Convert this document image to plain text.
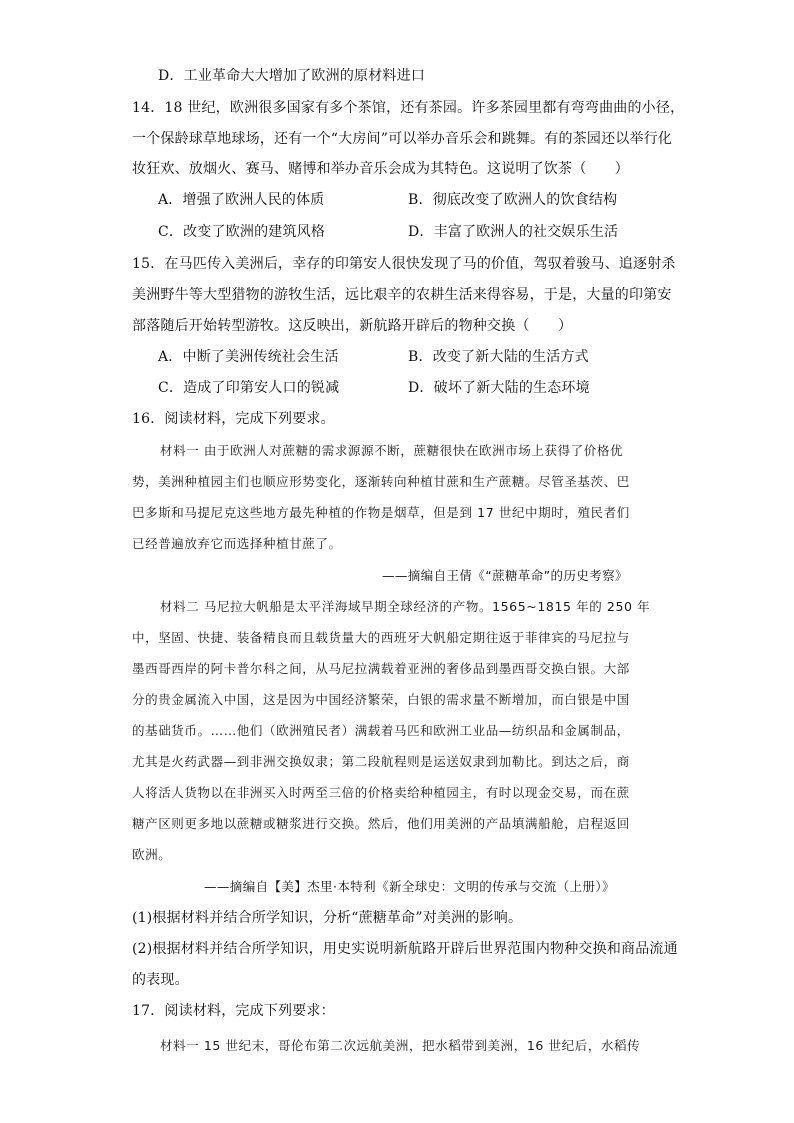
D．工业革命大大增加了欧洲的原材料进口
14．18 世纪，欧洲很多国家有多个茶馆，还有茶园。许多茶园里都有弯弯曲曲的小径，
一个保龄球草地球场，还有一个“大房间”可以举办音乐会和跳舞。有的茶园还以举行化
妆狂欢、放烟火、赛马、赌博和举办音乐会成为其特色。这说明了饮茶（　　）
A．增强了欧洲人民的体质	B．彻底改变了欧洲人的饮食结构
C．改变了欧洲的建筑风格	D．丰富了欧洲人的社交娱乐生活
15．在马匹传入美洲后，幸存的印第安人很快发现了马的价值，驾驭着骏马、追逐射杀
美洲野牛等大型猎物的游牧生活，远比艰辛的农耕生活来得容易，于是，大量的印第安
部落随后开始转型游牧。这反映出，新航路开辟后的物种交换（　　）
A．中断了美洲传统社会生活	B．改变了新大陆的生活方式
C．造成了印第安人口的锐减	D．破坏了新大陆的生态环境
16．阅读材料，完成下列要求。
材料一 由于欧洲人对蔗糖的需求源源不断，蔗糖很快在欧洲市场上获得了价格优
势，美洲种植园主们也顺应形势变化，逐渐转向种植甘蔗和生产蔗糖。尽管圣基茨、巴
巴多斯和马提尼克这些地方最先种植的作物是烟草，但是到 17 世纪中期时，殖民者们
已经普遍放弃它而选择种植甘蔗了。
——摘编自王倩《“蔗糖革命”的历史考察》
材料二 马尼拉大帆船是太平洋海域早期全球经济的产物。1565~1815 年的 250 年
中，坚固、快捷、装备精良而且载货量大的西班牙大帆船定期往返于菲律宾的马尼拉与
墨西哥西岸的阿卡普尔科之间，从马尼拉满载着亚洲的奢侈品到墨西哥交换白银。大部
分的贵金属流入中国，这是因为中国经济繁荣，白银的需求量不断增加，而白银是中国
的基础货币。……他们（欧洲殖民者）满载着马匹和欧洲工业品—纺织品和金属制品，
尤其是火药武器—到非洲交换奴隶；第二段航程则是运送奴隶到加勒比。到达之后，商
人将活人货物以在非洲买入时两至三倍的价格卖给种植园主，有时以现金交易，而在蔗
糖产区则更多地以蔗糖或糖浆进行交换。然后，他们用美洲的产品填满船舱，启程返回
欧洲。
——摘编自【美】杰里·本特利《新全球史：文明的传承与交流（上册）》
(1)根据材料并结合所学知识，分析“蔗糖革命”对美洲的影响。
(2)根据材料并结合所学知识，用史实说明新航路开辟后世界范围内物种交换和商品流通
的表现。
17．阅读材料，完成下列要求：
材料一 15 世纪末，哥伦布第二次远航美洲，把水稻带到美洲，16 世纪后，水稻传
